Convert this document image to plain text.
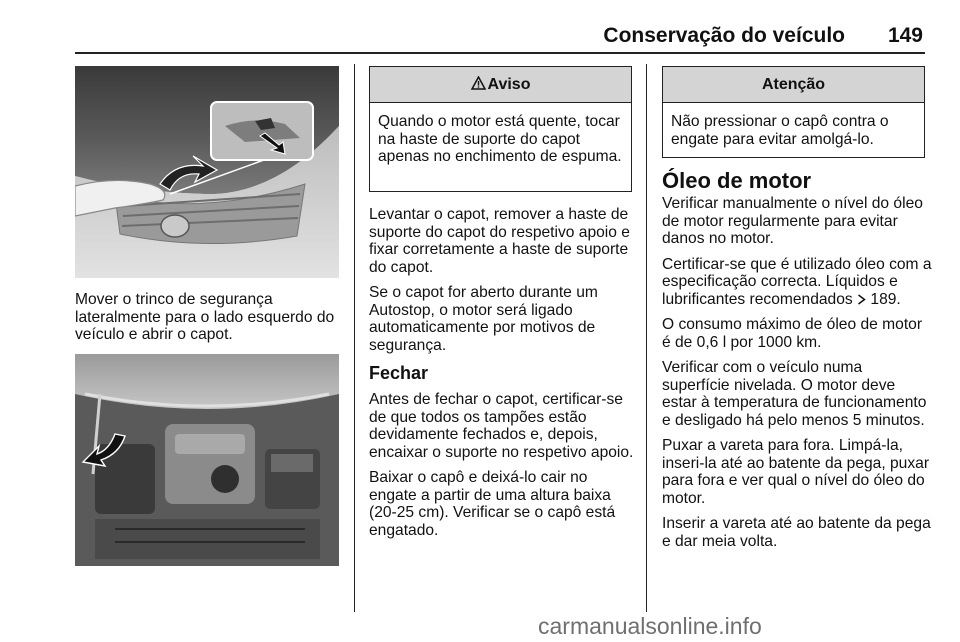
Conservação do veículo 149

Mover o trinco de segurança lateralmente para o lado esquerdo do veículo e abrir o capot.

Aviso
Quando o motor está quente, tocar na haste de suporte do capot apenas no enchimento de espuma.

Levantar o capot, remover a haste de suporte do capot do respetivo apoio e fixar corretamente a haste de suporte do capot.

Se o capot for aberto durante um Autostop, o motor será ligado automaticamente por motivos de segurança.

Fechar

Antes de fechar o capot, certificar-se de que todos os tampões estão devidamente fechados e, depois, encaixar o suporte no respetivo apoio.

Baixar o capô e deixá-lo cair no engate a partir de uma altura baixa (20-25 cm). Verificar se o capô está engatado.

Atenção
Não pressionar o capô contra o engate para evitar amolgá-lo.
Óleo de motor

Verificar manualmente o nível do óleo de motor regularmente para evitar danos no motor.

Certificar-se que é utilizado óleo com a especificação correcta. Líquidos e lubrificantes recomendados 189.

O consumo máximo de óleo de motor é de 0,6 l por 1000 km.

Verificar com o veículo numa superfície nivelada. O motor deve estar à temperatura de funcionamento e desligado há pelo menos 5 minutos.

Puxar a vareta para fora. Limpá-la, inseri-la até ao batente da pega, puxar para fora e ver qual o nível do óleo do motor.

Inserir a vareta até ao batente da pega e dar meia volta.

carmanualsonline.info
